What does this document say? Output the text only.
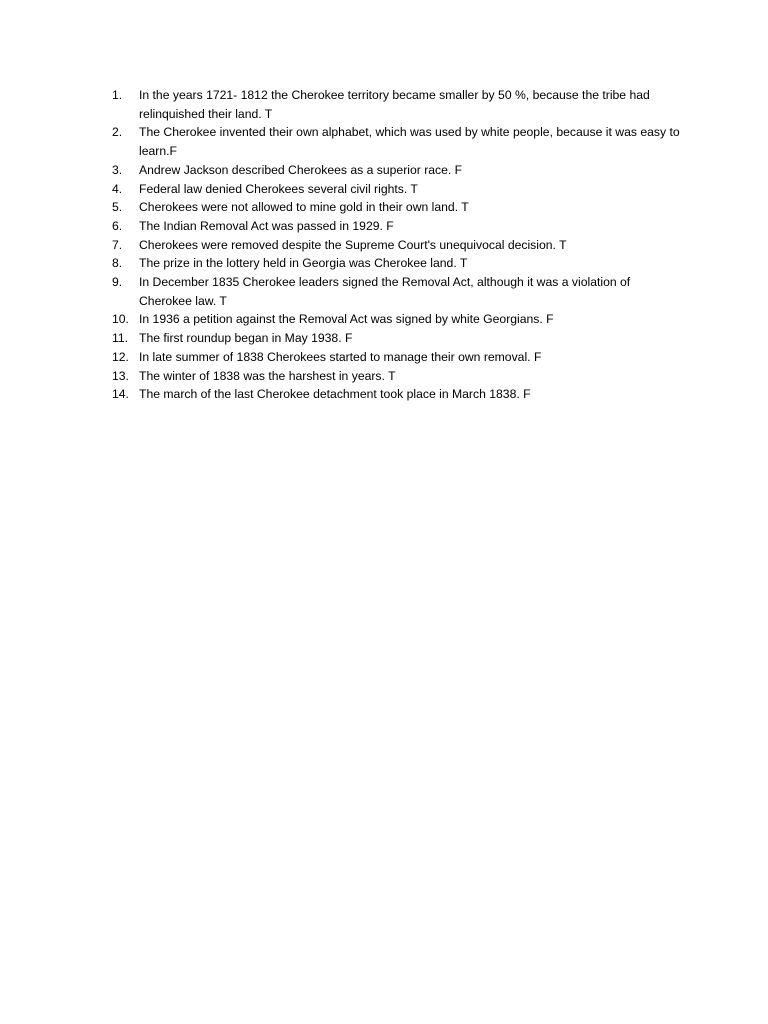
1.	In the years 1721- 1812 the Cherokee territory became smaller by 50 %, because the tribe had relinquished their land. T
2.	The Cherokee invented their own alphabet, which was used by white people, because it was easy to learn.F
3.	Andrew Jackson described Cherokees as a superior race. F
4.	Federal law denied Cherokees several civil rights. T
5.	Cherokees were not allowed to mine gold in their own land. T
6.	The Indian Removal Act was passed in 1929. F
7.	Cherokees were removed despite the Supreme Court's unequivocal decision. T
8.	The prize in the lottery held in Georgia was Cherokee land. T
9.	In December 1835 Cherokee leaders signed the Removal Act, although it was a violation of Cherokee law. T
10. In 1936 a petition against the Removal Act was signed by white Georgians. F
11. The first roundup began in May 1938. F
12. In late summer of 1838 Cherokees started to manage their own removal. F
13. The winter of 1838 was the harshest in years. T
14. The march of the last Cherokee detachment took place in March 1838. F
